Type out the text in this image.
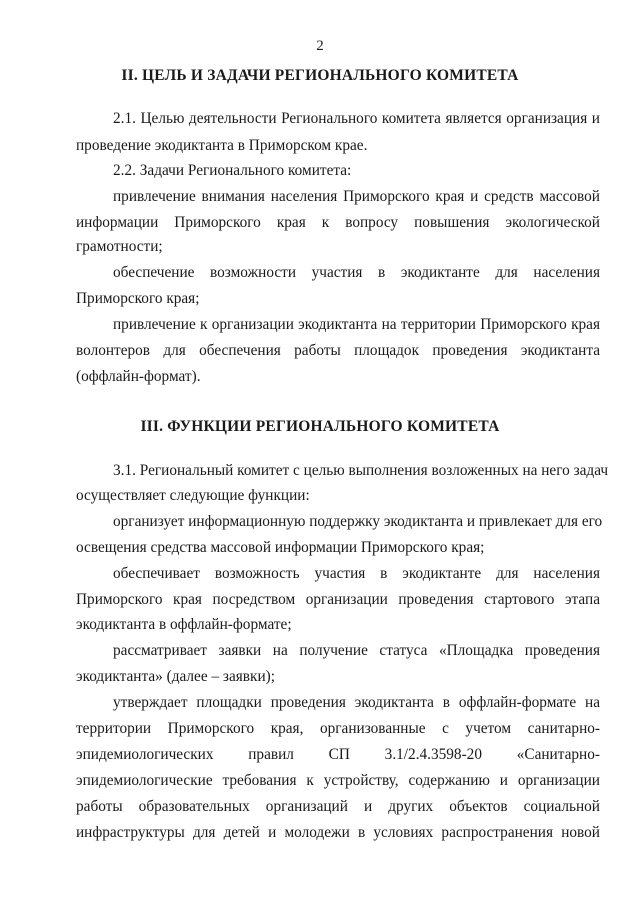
2
II. ЦЕЛЬ И ЗАДАЧИ РЕГИОНАЛЬНОГО КОМИТЕТА
2.1. Целью деятельности Регионального комитета является организация и
проведение экодиктанта в Приморском крае.
2.2. Задачи Регионального комитета:
привлечение внимания населения Приморского края и средств массовой
информации Приморского края к вопросу повышения экологической
грамотности;
обеспечение возможности участия в экодиктанте для населения
Приморского края;
привлечение к организации экодиктанта на территории Приморского края
волонтеров для обеспечения работы площадок проведения экодиктанта
(оффлайн-формат).
III. ФУНКЦИИ РЕГИОНАЛЬНОГО КОМИТЕТА
3.1. Региональный комитет с целью выполнения возложенных на него задач
осуществляет следующие функции:
организует информационную поддержку экодиктанта и привлекает для его
освещения средства массовой информации Приморского края;
обеспечивает возможность участия в экодиктанте для населения
Приморского края посредством организации проведения стартового этапа
экодиктанта в оффлайн-формате;
рассматривает заявки на получение статуса «Площадка проведения
экодиктанта» (далее – заявки);
утверждает площадки проведения экодиктанта в оффлайн-формате на
территории Приморского края, организованные с учетом санитарно-
эпидемиологических правил СП 3.1/2.4.3598-20 «Санитарно-
эпидемиологические требования к устройству, содержанию и организации
работы образовательных организаций и других объектов социальной
инфраструктуры для детей и молодежи в условиях распространения новой
